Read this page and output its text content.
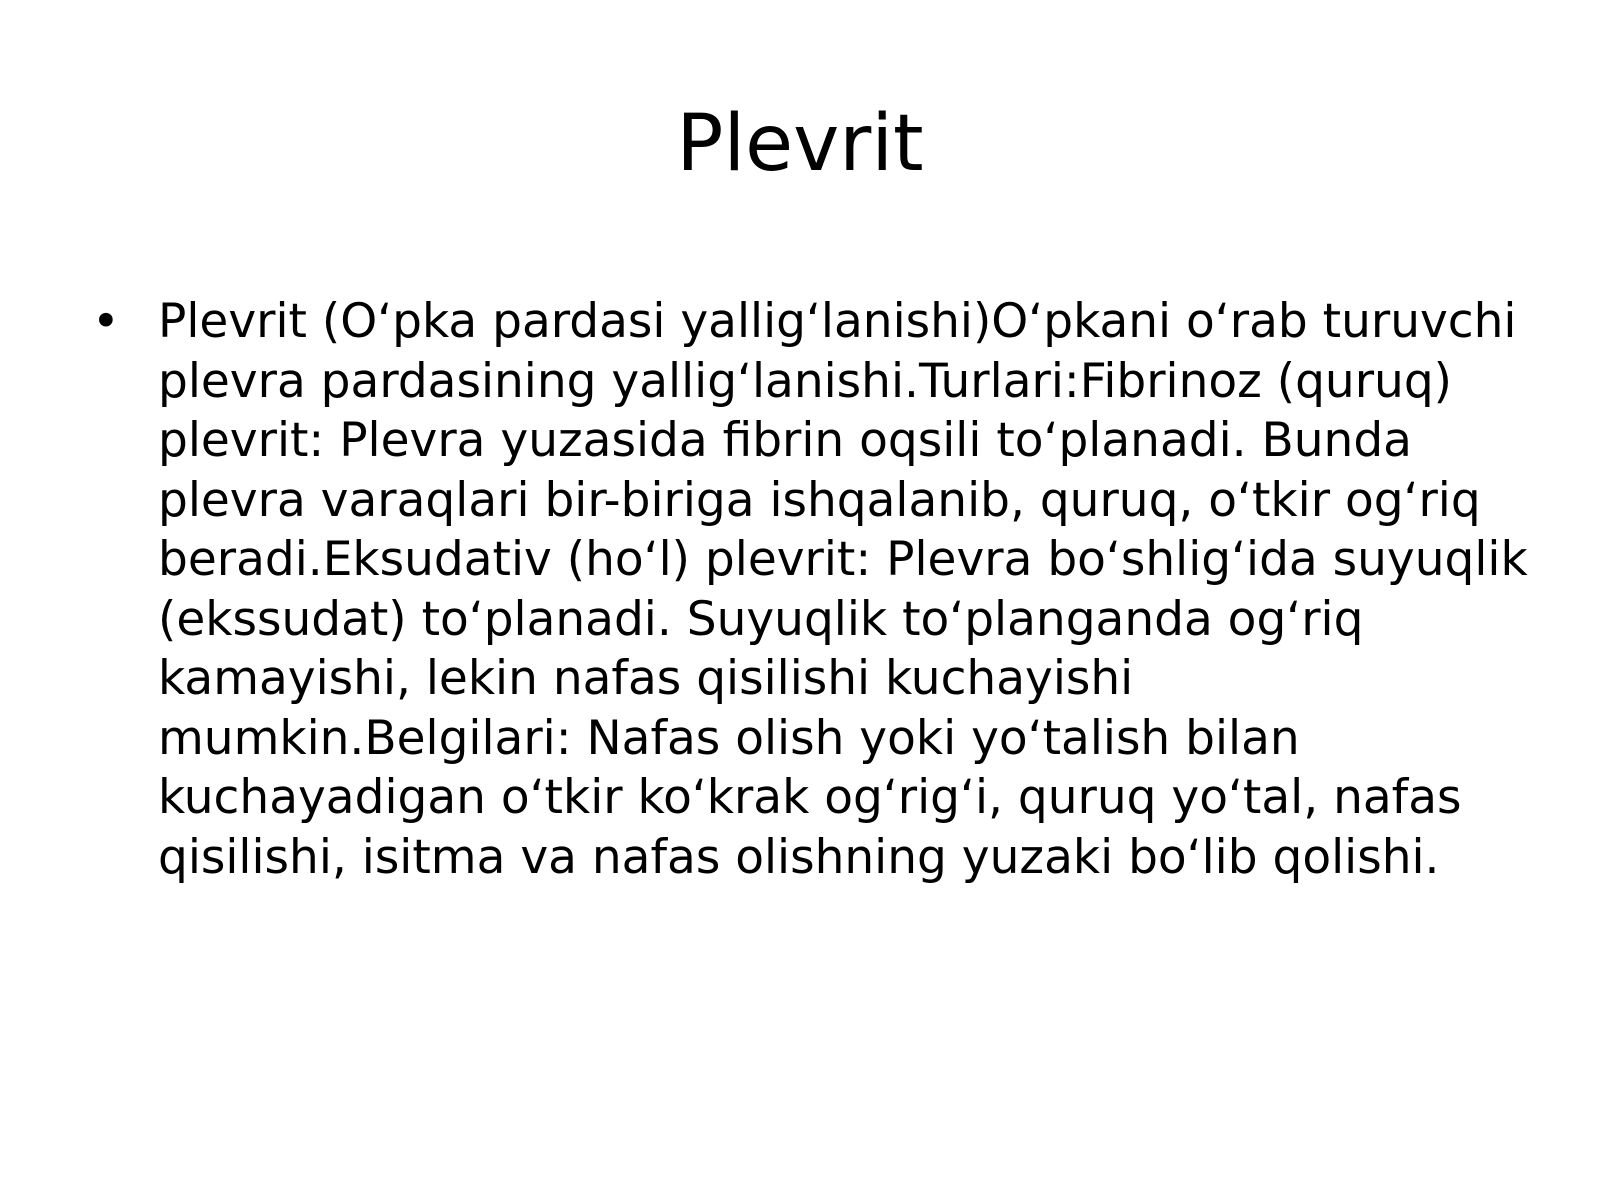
Plevrit
• Plevrit (O‘pka pardasi yallig‘lanishi)O‘pkani o‘rab turuvchi plevra pardasining yallig‘lanishi.Turlari:Fibrinoz (quruq) plevrit: Plevra yuzasida fibrin oqsili to‘planadi. Bunda plevra varaqlari bir-biriga ishqalanib, quruq, o‘tkir og‘riq beradi.Eksudativ (ho‘l) plevrit: Plevra bo‘shlig‘ida suyuqlik (ekssudat) to‘planadi. Suyuqlik to‘planganda og‘riq kamayishi, lekin nafas qisilishi kuchayishi mumkin.Belgilari: Nafas olish yoki yo‘talish bilan kuchayadigan o‘tkir ko‘krak og‘rig‘i, quruq yo‘tal, nafas qisilishi, isitma va nafas olishning yuzaki bo‘lib qolishi.
